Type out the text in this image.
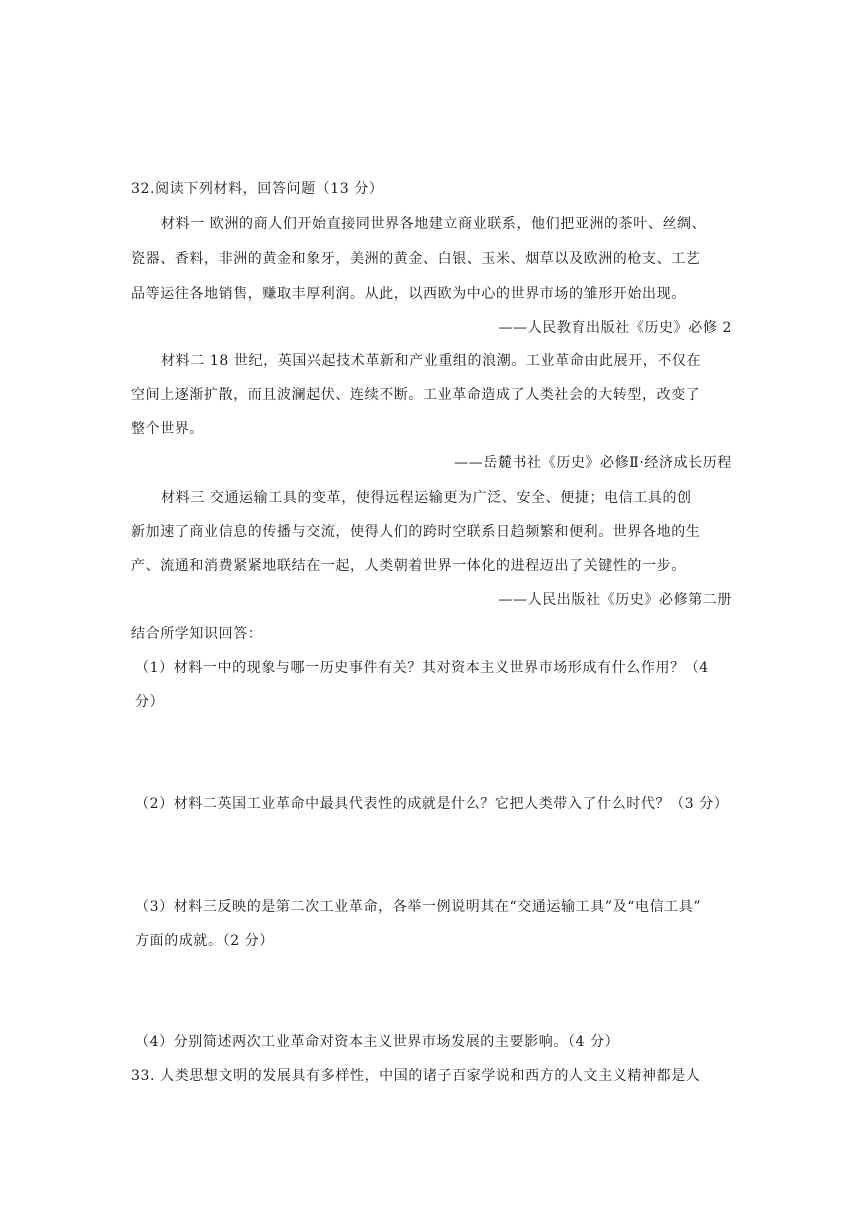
32.阅读下列材料，回答问题（13 分）
材料一 欧洲的商人们开始直接同世界各地建立商业联系，他们把亚洲的茶叶、丝绸、
瓷器、香料，非洲的黄金和象牙，美洲的黄金、白银、玉米、烟草以及欧洲的枪支、工艺
品等运往各地销售，赚取丰厚利润。从此，以西欧为中心的世界市场的雏形开始出现。
——人民教育出版社《历史》必修 2
材料二 18 世纪，英国兴起技术革新和产业重组的浪潮。工业革命由此展开，不仅在
空间上逐渐扩散，而且波澜起伏、连续不断。工业革命造成了人类社会的大转型，改变了
整个世界。
——岳麓书社《历史》必修Ⅱ·经济成长历程
材料三 交通运输工具的变革，使得远程运输更为广泛、安全、便捷；电信工具的创
新加速了商业信息的传播与交流，使得人们的跨时空联系日趋频繁和便利。世界各地的生
产、流通和消费紧紧地联结在一起，人类朝着世界一体化的进程迈出了关键性的一步。
——人民出版社《历史》必修第二册
结合所学知识回答：
（1）材料一中的现象与哪一历史事件有关？其对资本主义世界市场形成有什么作用？（4
分）
（2）材料二英国工业革命中最具代表性的成就是什么？它把人类带入了什么时代？（3 分）
（3）材料三反映的是第二次工业革命，各举一例说明其在“交通运输工具”及“电信工具”
方面的成就。（2 分）
（4）分别简述两次工业革命对资本主义世界市场发展的主要影响。（4 分）
33. 人类思想文明的发展具有多样性，中国的诸子百家学说和西方的人文主义精神都是人
